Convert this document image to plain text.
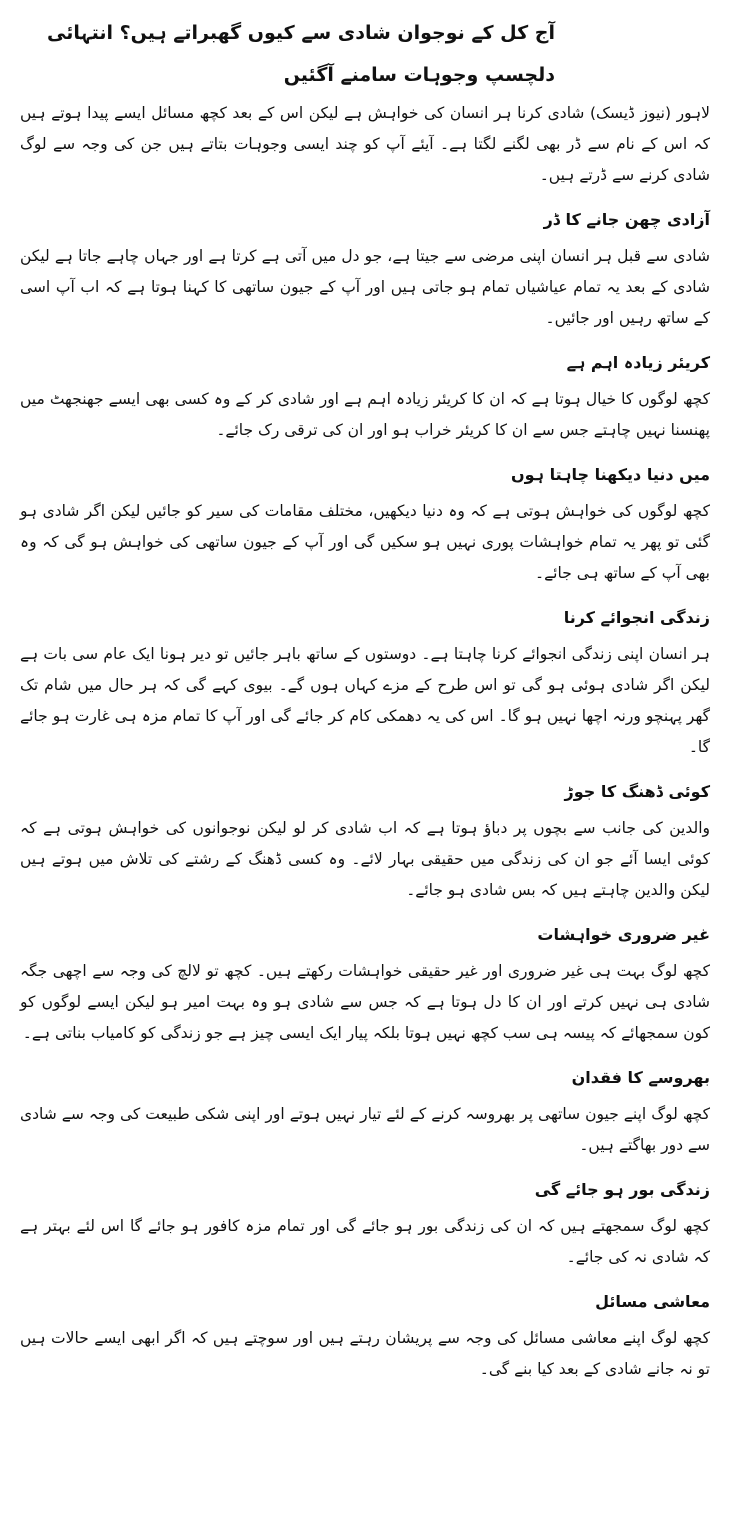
آج کل کے نوجوان شادی سے کیوں گھبراتے ہیں؟ انتہائی دلچسپ وجوہات سامنے آگئیں

لاہور (نیوز ڈیسک) شادی کرنا ہر انسان کی خواہش ہے لیکن اس کے بعد کچھ مسائل ایسے پیدا ہوتے ہیں کہ اس کے نام سے ڈر بھی لگنے لگتا ہے۔ آیئے آپ کو چند ایسی وجوہات بتاتے ہیں جن کی وجہ سے لوگ شادی کرنے سے ڈرتے ہیں۔

آزادی چھن جانے کا ڈر

شادی سے قبل ہر انسان اپنی مرضی سے جیتا ہے، جو دل میں آتی ہے کرتا ہے اور جہاں چاہے جاتا ہے لیکن شادی کے بعد یہ تمام عیاشیاں تمام ہو جاتی ہیں اور آپ کے جیون ساتھی کا کہنا ہوتا ہے کہ اب آپ اسی کے ساتھ رہیں اور جائیں۔

کریئر زیادہ اہم ہے

کچھ لوگوں کا خیال ہوتا ہے کہ ان کا کریئر زیادہ اہم ہے اور شادی کر کے وہ کسی بھی ایسے جھنجھٹ میں پھنسنا نہیں چاہتے جس سے ان کا کریئر خراب ہو اور ان کی ترقی رک جائے۔

میں دنیا دیکھنا چاہتا ہوں

کچھ لوگوں کی خواہش ہوتی ہے کہ وہ دنیا دیکھیں، مختلف مقامات کی سیر کو جائیں لیکن اگر شادی ہو گئی تو پھر یہ تمام خواہشات پوری نہیں ہو سکیں گی اور آپ کے جیون ساتھی کی خواہش ہو گی کہ وہ بھی آپ کے ساتھ ہی جائے۔

زندگی انجوائے کرنا

ہر انسان اپنی زندگی انجوائے کرنا چاہتا ہے۔ دوستوں کے ساتھ باہر جائیں تو دیر ہونا ایک عام سی بات ہے لیکن اگر شادی ہوئی ہو گی تو اس طرح کے مزے کہاں ہوں گے۔ بیوی کہے گی کہ ہر حال میں شام تک گھر پہنچو ورنہ اچھا نہیں ہو گا۔ اس کی یہ دھمکی کام کر جائے گی اور آپ کا تمام مزہ ہی غارت ہو جائے گا۔

کوئی ڈھنگ کا جوڑ

والدین کی جانب سے بچوں پر دباؤ ہوتا ہے کہ اب شادی کر لو لیکن نوجوانوں کی خواہش ہوتی ہے کہ کوئی ایسا آئے جو ان کی زندگی میں حقیقی بہار لائے۔ وہ کسی ڈھنگ کے رشتے کی تلاش میں ہوتے ہیں لیکن والدین چاہتے ہیں کہ بس شادی ہو جائے۔

غیر ضروری خواہشات

کچھ لوگ بہت ہی غیر ضروری اور غیر حقیقی خواہشات رکھتے ہیں۔ کچھ تو لالچ کی وجہ سے اچھی جگہ شادی ہی نہیں کرتے اور ان کا دل ہوتا ہے کہ جس سے شادی ہو وہ بہت امیر ہو لیکن ایسے لوگوں کو کون سمجھائے کہ پیسہ ہی سب کچھ نہیں ہوتا بلکہ پیار ایک ایسی چیز ہے جو زندگی کو کامیاب بناتی ہے۔

بھروسے کا فقدان

کچھ لوگ اپنے جیون ساتھی پر بھروسہ کرنے کے لئے تیار نہیں ہوتے اور اپنی شکی طبیعت کی وجہ سے شادی سے دور بھاگتے ہیں۔

زندگی بور ہو جائے گی

کچھ لوگ سمجھتے ہیں کہ ان کی زندگی بور ہو جائے گی اور تمام مزہ کافور ہو جائے گا اس لئے بہتر ہے کہ شادی نہ کی جائے۔

معاشی مسائل

کچھ لوگ اپنے معاشی مسائل کی وجہ سے پریشان رہتے ہیں اور سوچتے ہیں کہ اگر ابھی ایسے حالات ہیں تو نہ جانے شادی کے بعد کیا بنے گی۔
